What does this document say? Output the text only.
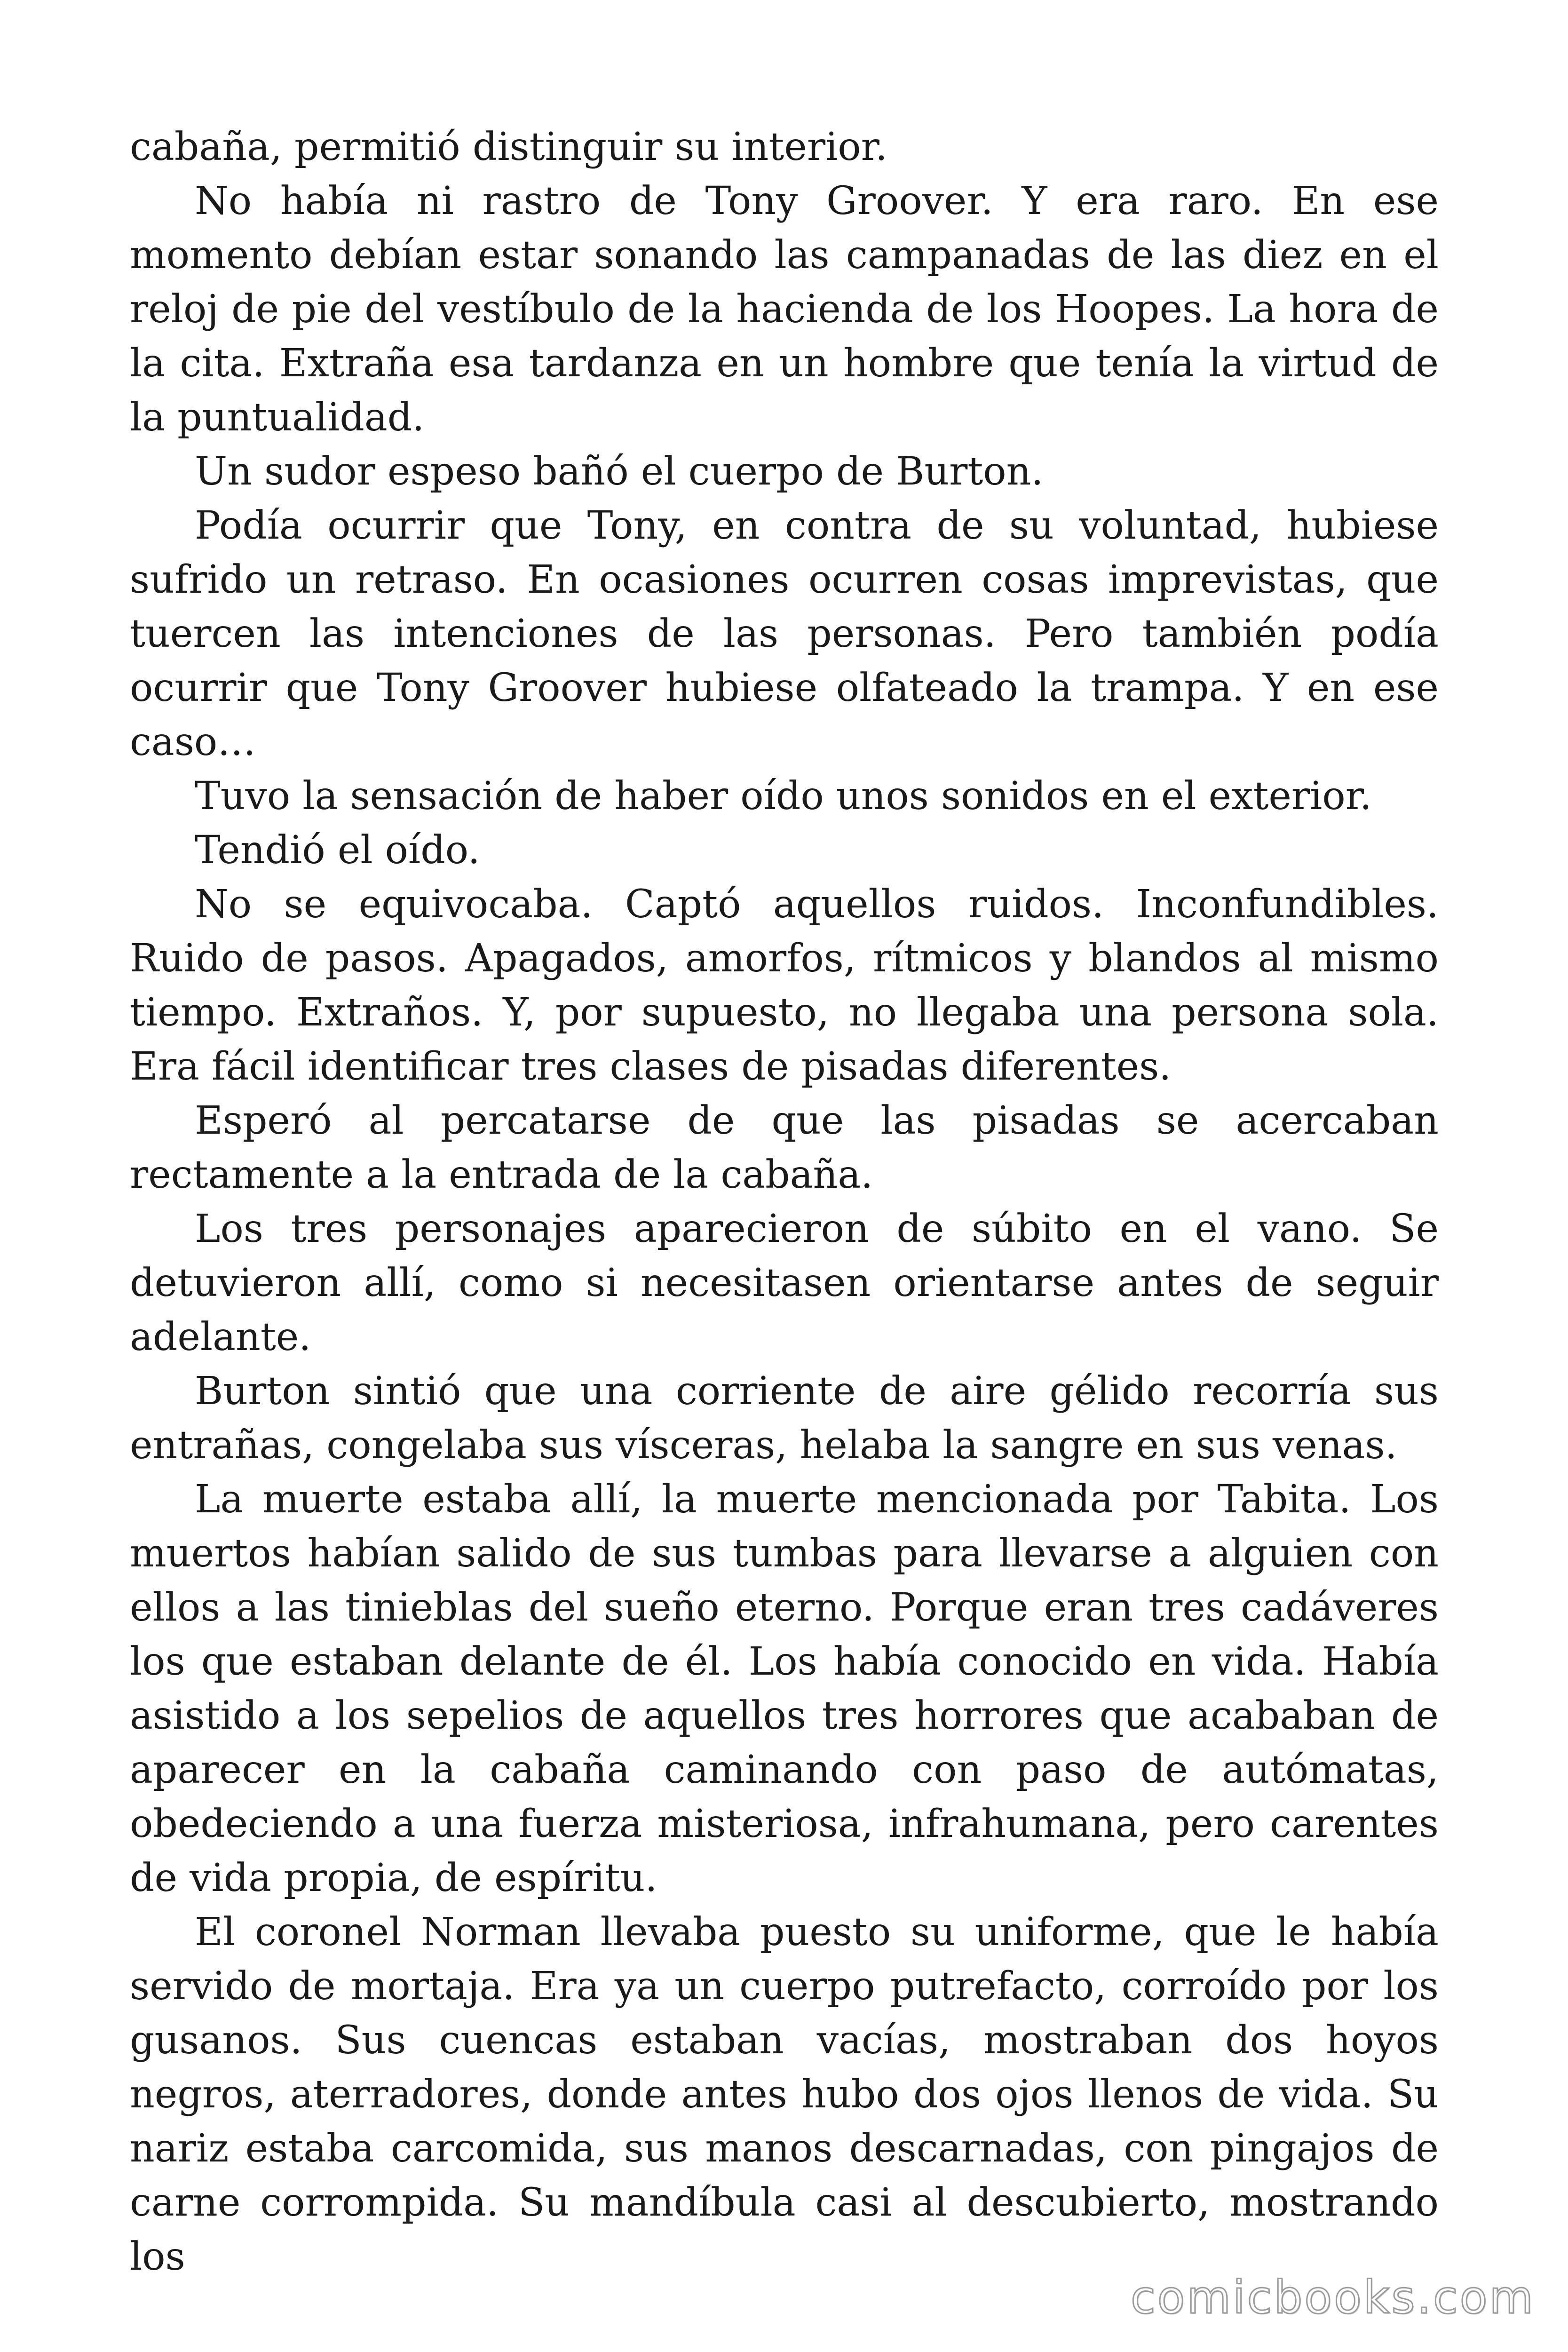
cabaña, permitió distinguir su interior.

No había ni rastro de Tony Groover. Y era raro. En ese momento debían estar sonando las campanadas de las diez en el reloj de pie del vestíbulo de la hacienda de los Hoopes. La hora de la cita. Extraña esa tardanza en un hombre que tenía la virtud de la puntualidad.

Un sudor espeso bañó el cuerpo de Burton.

Podía ocurrir que Tony, en contra de su voluntad, hubiese sufrido un retraso. En ocasiones ocurren cosas imprevistas, que tuercen las intenciones de las personas. Pero también podía ocurrir que Tony Groover hubiese olfateado la trampa. Y en ese caso…

Tuvo la sensación de haber oído unos sonidos en el exterior.

Tendió el oído.

No se equivocaba. Captó aquellos ruidos. Inconfundibles. Ruido de pasos. Apagados, amorfos, rítmicos y blandos al mismo tiempo. Extraños. Y, por supuesto, no llegaba una persona sola. Era fácil identificar tres clases de pisadas diferentes.

Esperó al percatarse de que las pisadas se acercaban rectamente a la entrada de la cabaña.

Los tres personajes aparecieron de súbito en el vano. Se detuvieron allí, como si necesitasen orientarse antes de seguir adelante.

Burton sintió que una corriente de aire gélido recorría sus entrañas, congelaba sus vísceras, helaba la sangre en sus venas.

La muerte estaba allí, la muerte mencionada por Tabita. Los muertos habían salido de sus tumbas para llevarse a alguien con ellos a las tinieblas del sueño eterno. Porque eran tres cadáveres los que estaban delante de él. Los había conocido en vida. Había asistido a los sepelios de aquellos tres horrores que acababan de aparecer en la cabaña caminando con paso de autómatas, obedeciendo a una fuerza misteriosa, infrahumana, pero carentes de vida propia, de espíritu.

El coronel Norman llevaba puesto su uniforme, que le había servido de mortaja. Era ya un cuerpo putrefacto, corroído por los gusanos. Sus cuencas estaban vacías, mostraban dos hoyos negros, aterradores, donde antes hubo dos ojos llenos de vida. Su nariz estaba carcomida, sus manos descarnadas, con pingajos de carne corrompida. Su mandíbula casi al descubierto, mostrando los

comicbooks.com
